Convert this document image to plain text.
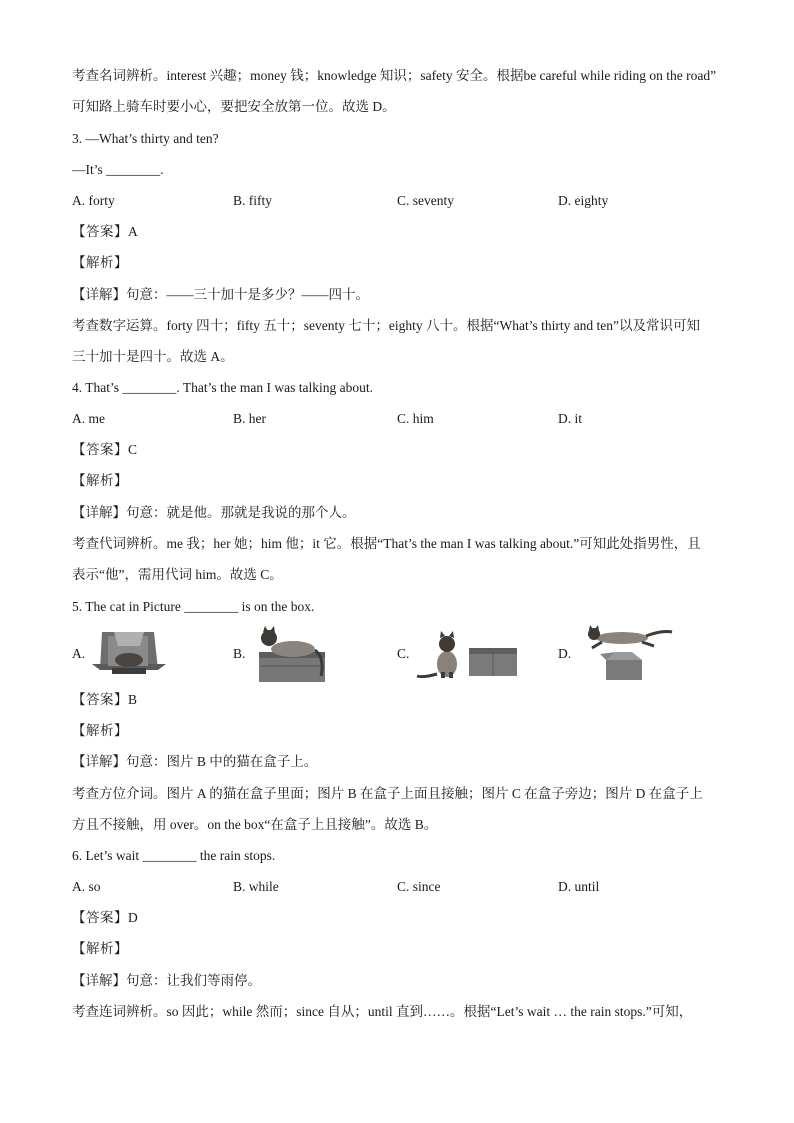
考查名词辨析。interest 兴趣；money 钱；knowledge 知识；safety 安全。根据be careful while riding on the road”
可知路上骑车时要小心，要把安全放第一位。故选 D。
3. —What’s thirty and ten?
—It’s ________.
A. forty	B. fifty	C. seventy	D. eighty
【答案】A
【解析】
【详解】句意：——三十加十是多少？——四十。
考查数字运算。forty 四十；fifty 五十；seventy 七十；eighty 八十。根据“What’s thirty and ten”以及常识可知
三十加十是四十。故选 A。
4. That’s ________. That’s the man I was talking about.
A. me	B. her	C. him	D. it
【答案】C
【解析】
【详解】句意：就是他。那就是我说的那个人。
考查代词辨析。me 我；her 她；him 他；it 它。根据“That’s the man I was talking about.”可知此处指男性，且
表示“他”，需用代词 him。故选 C。
5. The cat in Picture ________ is on the box.
A.	B.	C.	D.
【答案】B
【解析】
【详解】句意：图片 B 中的猫在盒子上。
考查方位介词。图片 A 的猫在盒子里面；图片 B 在盒子上面且接触；图片 C 在盒子旁边；图片 D 在盒子上
方且不接触，用 over。on the box“在盒子上且接触”。故选 B。
6. Let’s wait ________ the rain stops.
A. so	B. while	C. since	D. until
【答案】D
【解析】
【详解】句意：让我们等雨停。
考查连词辨析。so 因此；while 然而；since 自从；until 直到……。根据“Let’s wait … the rain stops.”可知，
